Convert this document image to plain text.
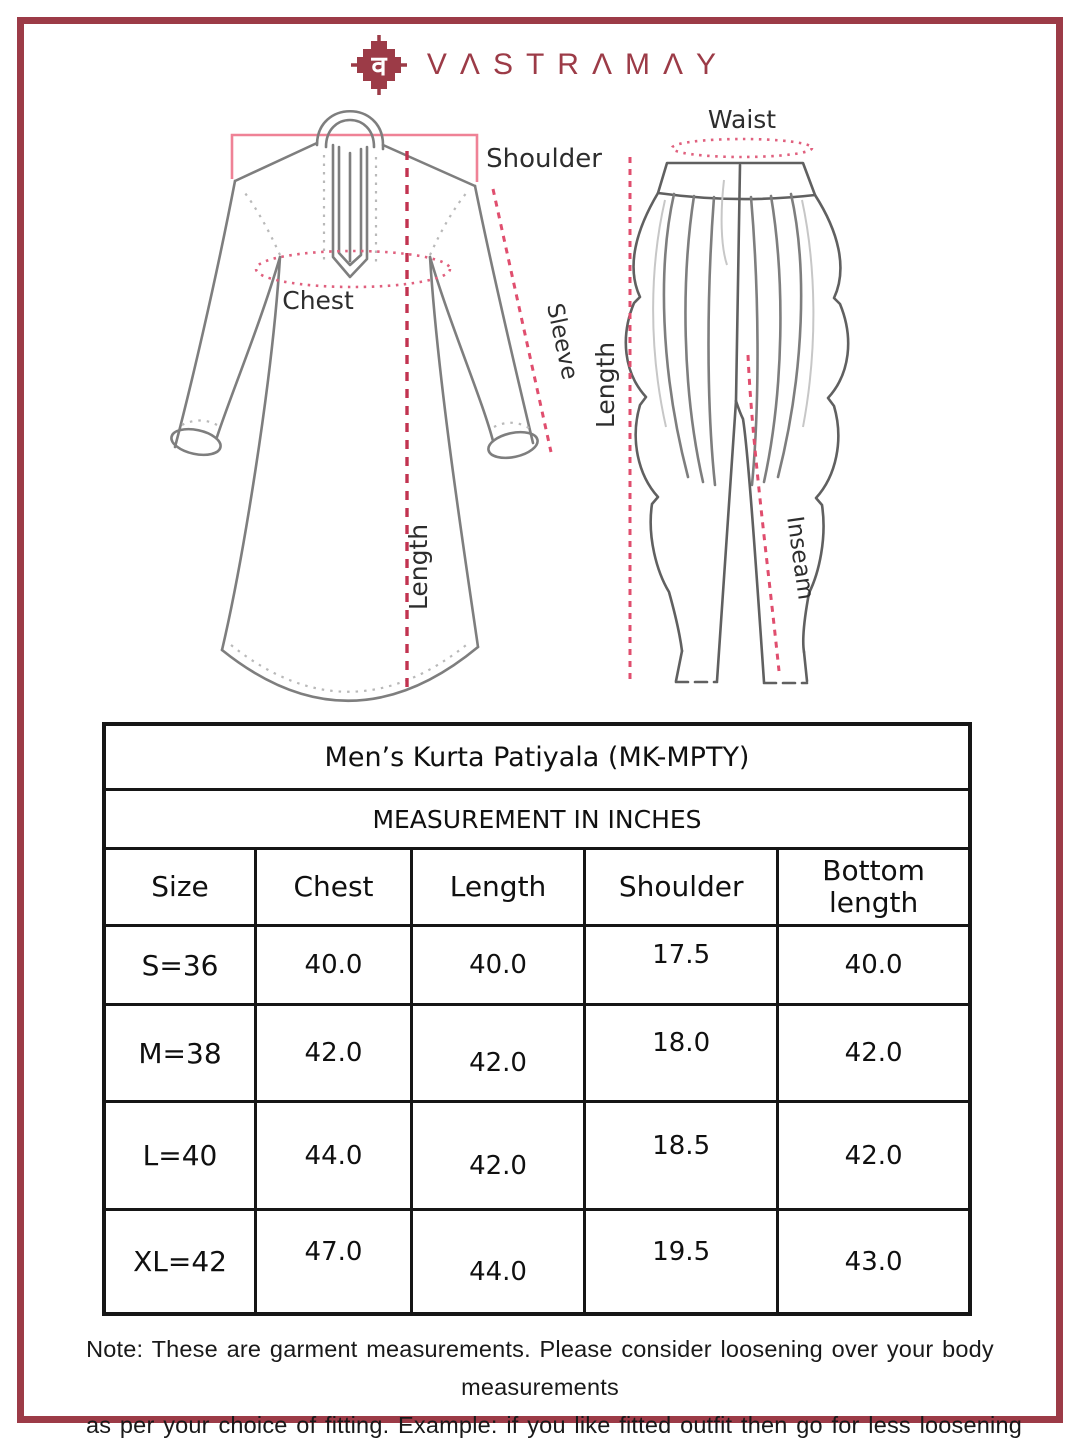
व VΛSTRΛMΛY
Shoulder
Chest
Sleeve
Length
Waist
Length
Inseam
Men’s Kurta Patiyala (MK-MPTY)				
MEASUREMENT IN INCHES				
Size	Chest	Length	Shoulder	Bottom length
S=36	40.0	40.0	17.5	40.0
M=38	42.0	42.0	18.0	42.0
L=40	44.0	42.0	18.5	42.0
XL=42	47.0	44.0	19.5	43.0
Note: These are garment measurements. Please consider loosening over your body measurements
as per your choice of fitting. Example: if you like fitted outfit then go for less loosening
